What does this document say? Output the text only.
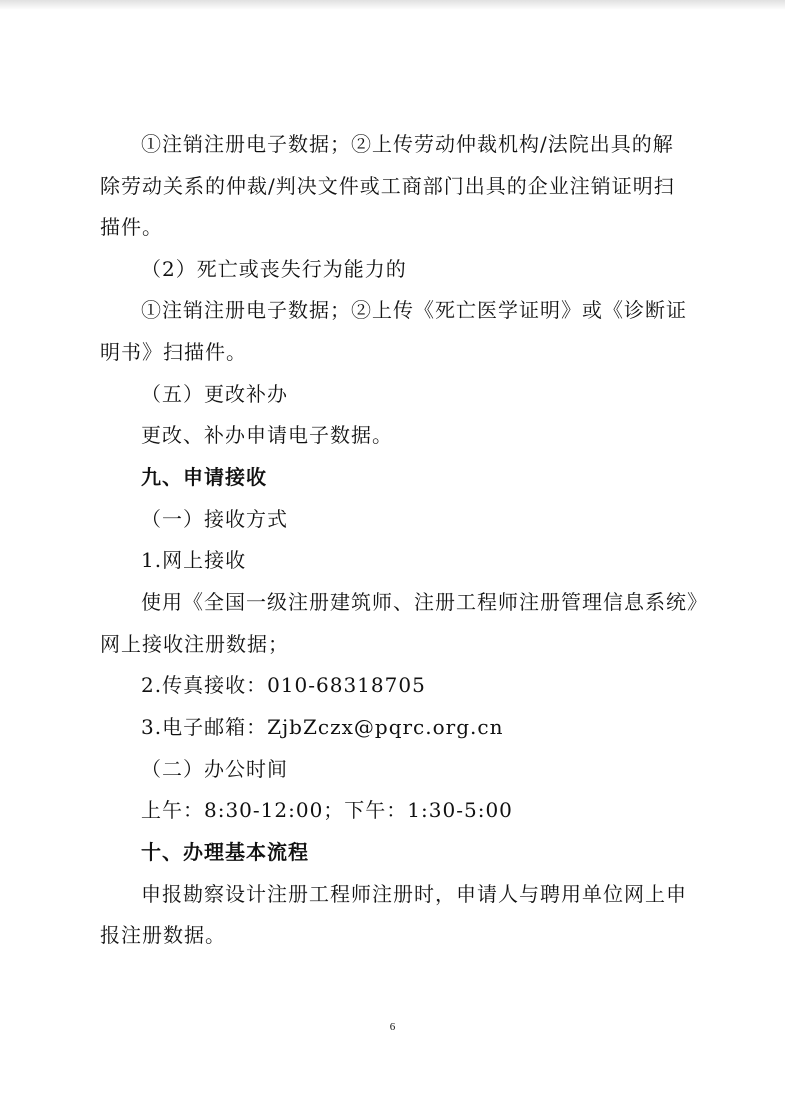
①注销注册电子数据；②上传劳动仲裁机构/法院出具的解
除劳动关系的仲裁/判决文件或工商部门出具的企业注销证明扫
描件。
（2）死亡或丧失行为能力的
①注销注册电子数据；②上传《死亡医学证明》或《诊断证
明书》扫描件。
（五）更改补办
更改、补办申请电子数据。
九、申请接收
（一）接收方式
1.网上接收
使用《全国一级注册建筑师、注册工程师注册管理信息系统》
网上接收注册数据；
2.传真接收：010-68318705
3.电子邮箱：ZjbZczx@pqrc.org.cn
（二）办公时间
上午：8:30-12:00；下午：1:30-5:00
十、办理基本流程
申报勘察设计注册工程师注册时，申请人与聘用单位网上申
报注册数据。
6
